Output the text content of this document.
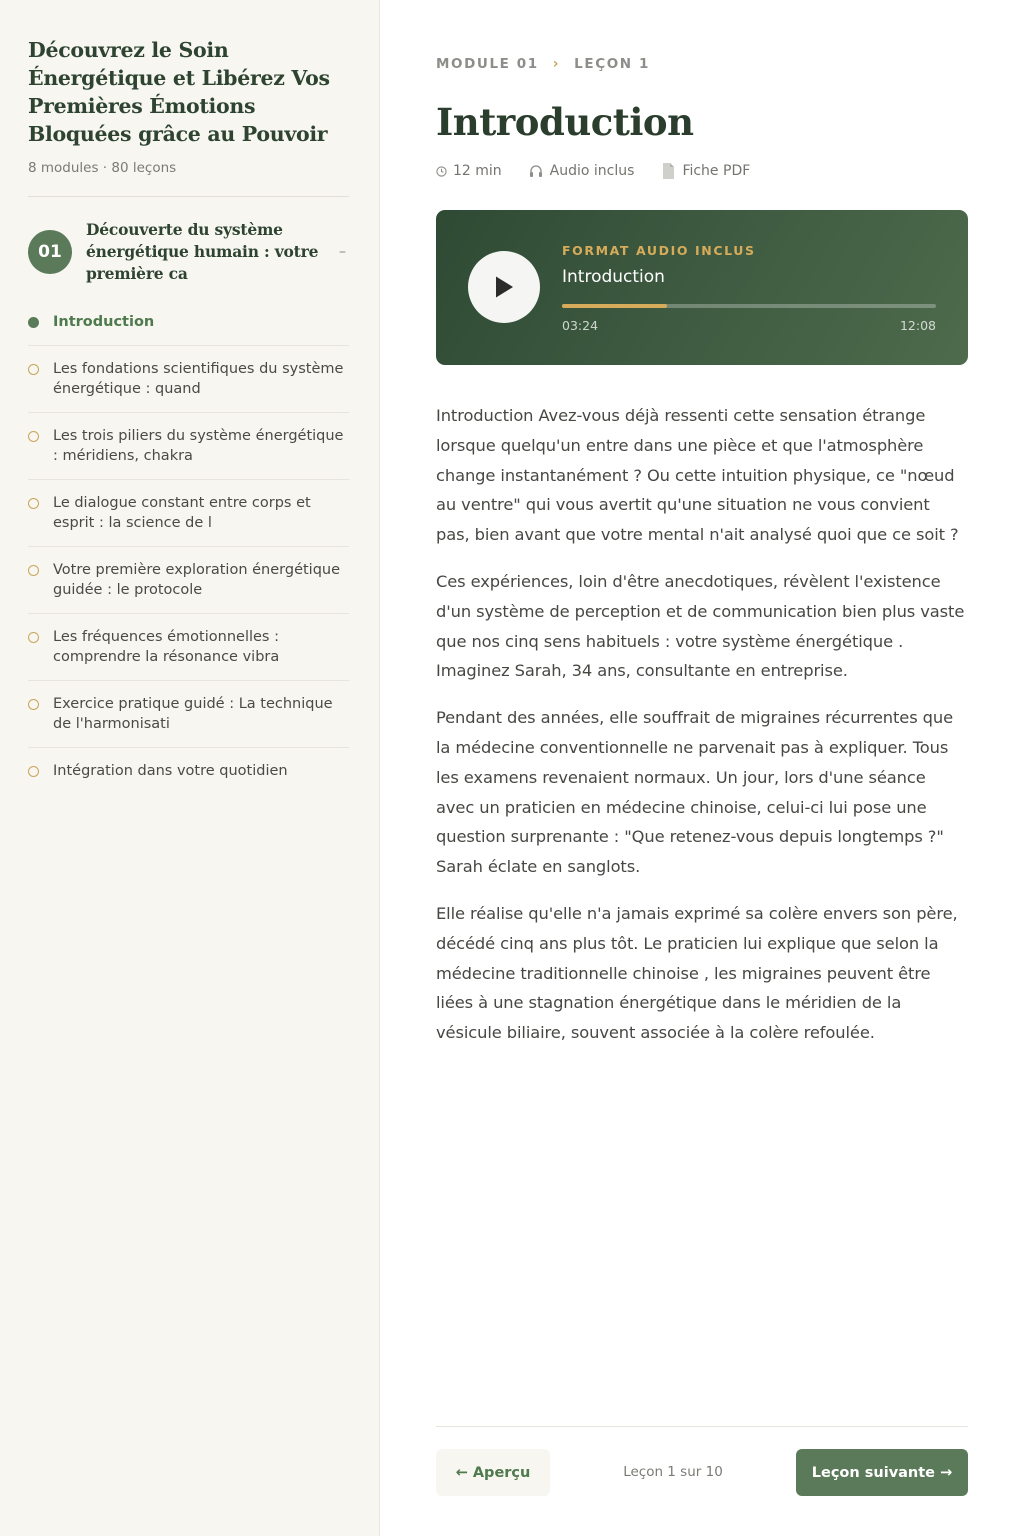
Découvrez le Soin Énergétique et Libérez Vos Premières Émotions Bloquées grâce au Pouvoir
8 modules · 80 leçons
01
Découverte du système énergétique humain : votre première ca
–
Introduction
Les fondations scientifiques du système énergétique : quand
Les trois piliers du système énergétique : méridiens, chakra
Le dialogue constant entre corps et esprit : la science de l
Votre première exploration énergétique guidée : le protocole
Les fréquences émotionnelles : comprendre la résonance vibra
Exercice pratique guidé : La technique de l'harmonisati
Intégration dans votre quotidien
MODULE 01 › LEÇON 1
Introduction
12 min	Audio inclus	Fiche PDF
FORMAT AUDIO INCLUS
Introduction
03:24	12:08

Introduction Avez-vous déjà ressenti cette sensation étrange lorsque quelqu'un entre dans une pièce et que l'atmosphère change instantanément ? Ou cette intuition physique, ce "nœud au ventre" qui vous avertit qu'une situation ne vous convient pas, bien avant que votre mental n'ait analysé quoi que ce soit ?

Ces expériences, loin d'être anecdotiques, révèlent l'existence d'un système de perception et de communication bien plus vaste que nos cinq sens habituels : votre système énergétique . Imaginez Sarah, 34 ans, consultante en entreprise.

Pendant des années, elle souffrait de migraines récurrentes que la médecine conventionnelle ne parvenait pas à expliquer. Tous les examens revenaient normaux. Un jour, lors d'une séance avec un praticien en médecine chinoise, celui-ci lui pose une question surprenante : "Que retenez-vous depuis longtemps ?" Sarah éclate en sanglots.

Elle réalise qu'elle n'a jamais exprimé sa colère envers son père, décédé cinq ans plus tôt. Le praticien lui explique que selon la médecine traditionnelle chinoise , les migraines peuvent être liées à une stagnation énergétique dans le méridien de la vésicule biliaire, souvent associée à la colère refoulée.

← Aperçu	Leçon 1 sur 10	Leçon suivante →
